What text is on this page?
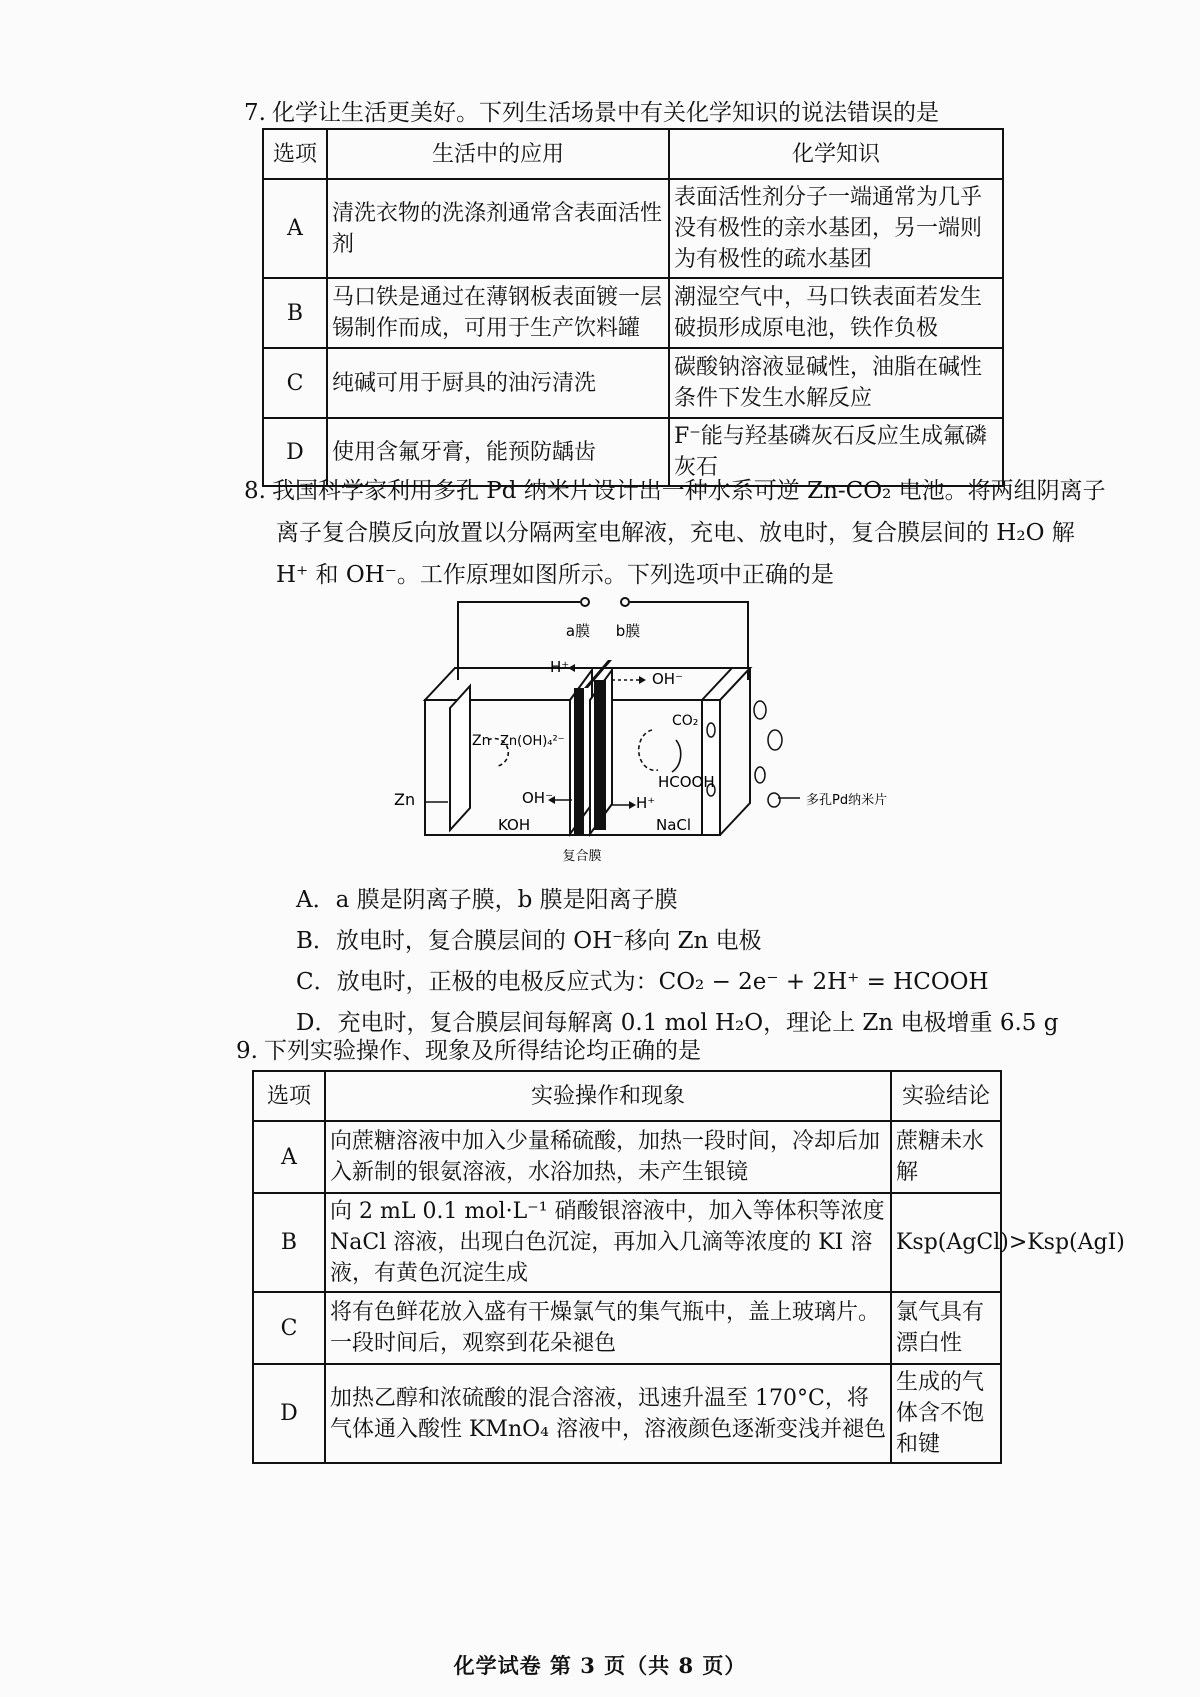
7. 化学让生活更美好。下列生活场景中有关化学知识的说法错误的是
选项	生活中的应用	化学知识
A	清洗衣物的洗涤剂通常含表面活性剂	表面活性剂分子一端通常为几乎没有极性的亲水基团，另一端则为有极性的疏水基团
B	马口铁是通过在薄钢板表面镀一层锡制作而成，可用于生产饮料罐	潮湿空气中，马口铁表面若发生破损形成原电池，铁作负极
C	纯碱可用于厨具的油污清洗	碳酸钠溶液显碱性，油脂在碱性条件下发生水解反应
D	使用含氟牙膏，能预防龋齿	F⁻能与羟基磷灰石反应生成氟磷灰石
8. 我国科学家利用多孔 Pd 纳米片设计出一种水系可逆 Zn-CO₂ 电池。将两组阴离子
离子复合膜反向放置以分隔两室电解液，充电、放电时，复合膜层间的 H₂O 解
H⁺ 和 OH⁻。工作原理如图所示。下列选项中正确的是
a膜 b膜
H⁺
OH⁻
Zn Zn(OH)₄²⁻
CO₂
HCOOH
Zn	OH⁻	H⁺
KOH	NaCl
多孔Pd纳米片
复合膜
A．a 膜是阴离子膜，b 膜是阳离子膜
B．放电时，复合膜层间的 OH⁻移向 Zn 电极
C．放电时，正极的电极反应式为：CO₂ − 2e⁻ + 2H⁺ = HCOOH
D．充电时，复合膜层间每解离 0.1 mol H₂O，理论上 Zn 电极增重 6.5 g
9. 下列实验操作、现象及所得结论均正确的是
选项	实验操作和现象	实验结论
A	向蔗糖溶液中加入少量稀硫酸，加热一段时间，冷却后加入新制的银氨溶液，水浴加热，未产生银镜	蔗糖未水解
B	向 2 mL 0.1 mol·L⁻¹ 硝酸银溶液中，加入等体积等浓度 NaCl 溶液，出现白色沉淀，再加入几滴等浓度的 KI 溶液，有黄色沉淀生成	Ksp(AgCl)>Ksp(AgI)
C	将有色鲜花放入盛有干燥氯气的集气瓶中，盖上玻璃片。一段时间后，观察到花朵褪色	氯气具有漂白性
D	加热乙醇和浓硫酸的混合溶液，迅速升温至 170°C，将气体通入酸性 KMnO₄ 溶液中，溶液颜色逐渐变浅并褪色	生成的气体含不饱和键
化学试卷 第 3 页（共 8 页）
